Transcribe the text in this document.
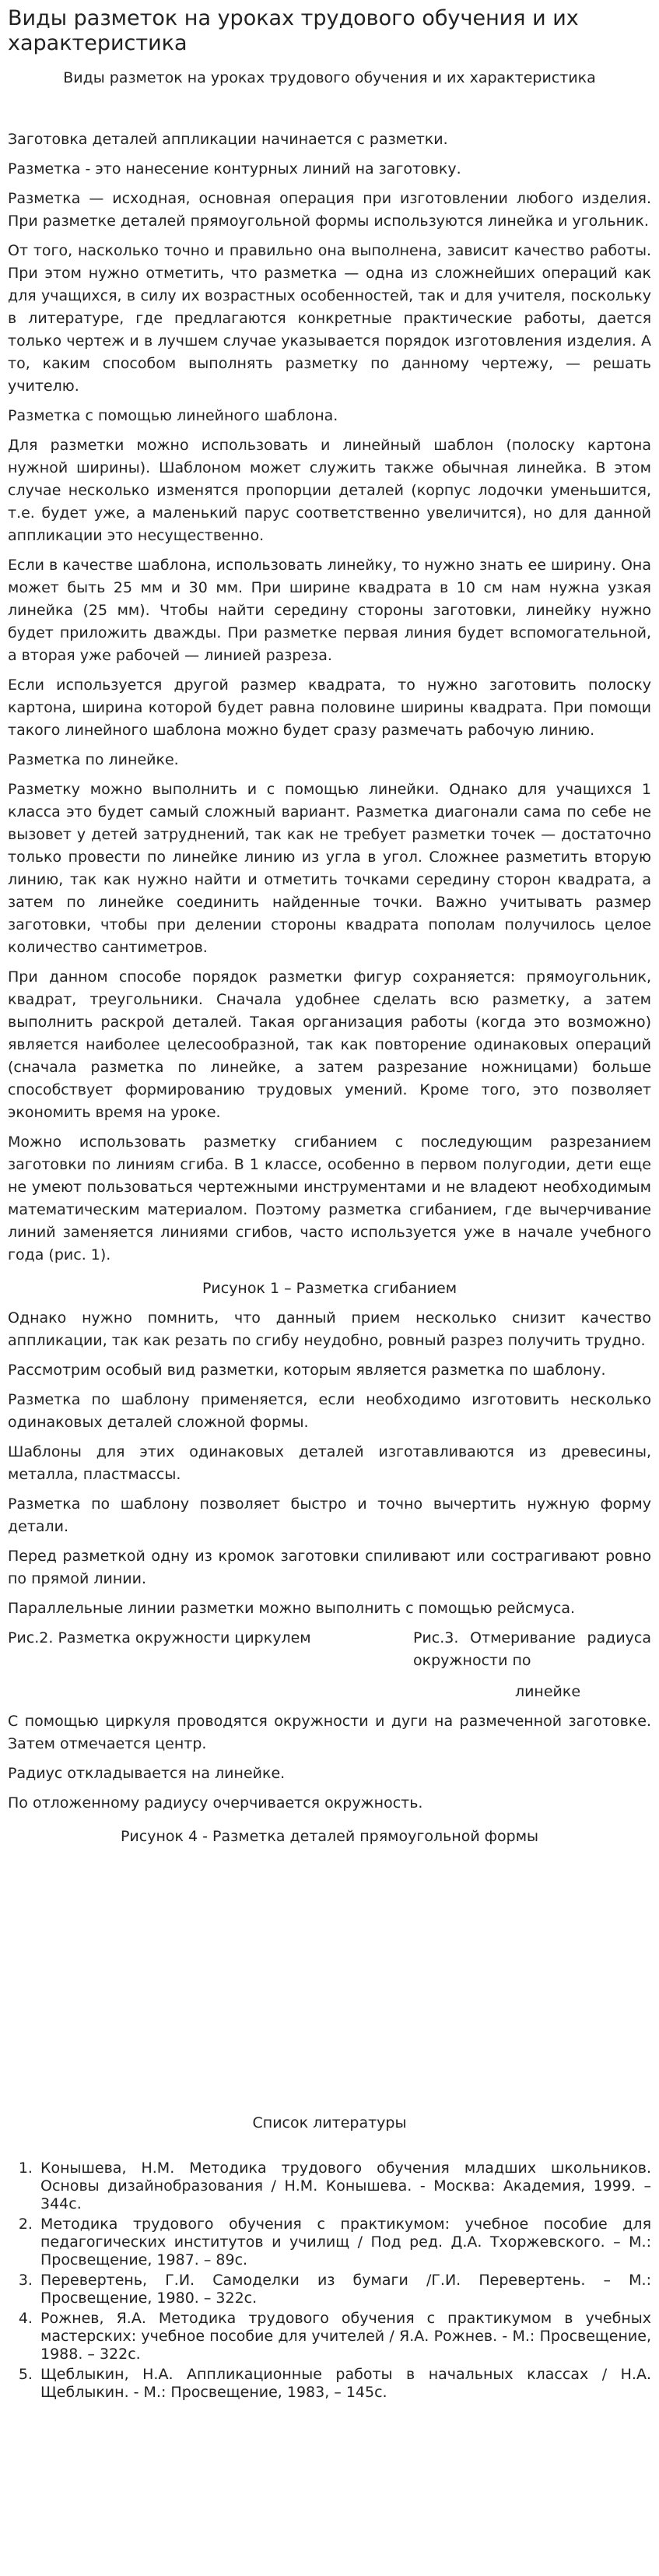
Виды разметок на уроках трудового обучения и их характеристика
Виды разметок на уроках трудового обучения и их характеристика

Заготовка деталей аппликации начинается с разметки.

Разметка - это нанесение контурных линий на заготовку.

Разметка — исходная, основная операция при изготовлении любого изделия. При разметке деталей прямоугольной формы используются линейка и угольник.

От того, насколько точно и правильно она выполнена, зависит качество работы. При этом нужно отметить, что разметка — одна из сложнейших операций как для учащихся, в силу их возрастных особенностей, так и для учителя, поскольку в литературе, где предлагаются конкретные практические работы, дается только чертеж и в лучшем случае указывается порядок изготовления изделия. А то, каким способом выполнять разметку по данному чертежу, — решать учителю.

Разметка с помощью линейного шаблона.

Для разметки можно использовать и линейный шаблон (полоску картона нужной ширины). Шаблоном может служить также обычная линейка. В этом случае несколько изменятся пропорции деталей (корпус лодочки уменьшится, т.е. будет уже, а маленький парус соответственно увеличится), но для данной аппликации это несущественно.

Если в качестве шаблона, использовать линейку, то нужно знать ее ширину. Она может быть 25 мм и 30 мм. При ширине квадрата в 10 см нам нужна узкая линейка (25 мм). Чтобы найти середину стороны заготовки, линейку нужно будет приложить дважды. При разметке первая линия будет вспомогательной, а вторая уже рабочей — линией разреза.

Если используется другой размер квадрата, то нужно заготовить полоску картона, ширина которой будет равна половине ширины квадрата. При помощи такого линейного шаблона можно будет сразу размечать рабочую линию.

Разметка по линейке.

Разметку можно выполнить и с помощью линейки. Однако для учащихся 1 класса это будет самый сложный вариант. Разметка диагонали сама по себе не вызовет у детей затруднений, так как не требует разметки точек — достаточно только провести по линейке линию из угла в угол. Сложнее разметить вторую линию, так как нужно найти и отметить точками середину сторон квадрата, а затем по линейке соединить найденные точки. Важно учитывать размер заготовки, чтобы при делении стороны квадрата пополам получилось целое количество сантиметров.

При данном способе порядок разметки фигур сохраняется: прямоугольник, квадрат, треугольники. Сначала удобнее сделать всю разметку, а затем выполнить раскрой деталей. Такая организация работы (когда это возможно) является наиболее целесообразной, так как повторение одинаковых операций (сначала разметка по линейке, а затем разрезание ножницами) больше способствует формированию трудовых умений. Кроме того, это позволяет экономить время на уроке.

Можно использовать разметку сгибанием с последующим разрезанием заготовки по линиям сгиба. В 1 классе, особенно в первом полугодии, дети еще не умеют пользоваться чертежными инструментами и не владеют необходимым математическим материалом. Поэтому разметка сгибанием, где вычерчивание линий заменяется линиями сгибов, часто используется уже в начале учебного года (рис. 1).

Рисунок 1 – Разметка сгибанием

Однако нужно помнить, что данный прием несколько снизит качество аппликации, так как резать по сгибу неудобно, ровный разрез получить трудно.

Рассмотрим особый вид разметки, которым является разметка по шаблону.

Разметка по шаблону применяется, если необходимо изготовить несколько одинаковых деталей сложной формы.

Шаблоны для этих одинаковых деталей изготавливаются из древесины, металла, пластмассы.

Разметка по шаблону позволяет быстро и точно вычертить нужную форму детали.

Перед разметкой одну из кромок заготовки спиливают или сострагивают ровно по прямой линии.

Параллельные линии разметки можно выполнить с помощью рейсмуса.

Рис.2. Разметка окружности циркулем	Рис.3. Отмеривание радиуса окружности по
линейке

С помощью циркуля проводятся окружности и дуги на размеченной заготовке. Затем отмечается центр.

Радиус откладывается на линейке.

По отложенному радиусу очерчивается окружность.

Рисунок 4 - Разметка деталей прямоугольной формы

Список литературы
1. Конышева, Н.М. Методика трудового обучения младших школьников. Основы дизайнобразования / Н.М. Конышева. - Москва: Академия, 1999. – 344с.
2. Методика трудового обучения с практикумом: учебное пособие для педагогических институтов и училищ / Под ред. Д.А. Тхоржевского. – М.: Просвещение, 1987. – 89с.
3. Перевертень, Г.И. Самоделки из бумаги /Г.И. Перевертень. – М.: Просвещение, 1980. – 322с.
4. Рожнев, Я.А. Методика трудового обучения с практикумом в учебных мастерских: учебное пособие для учителей / Я.А. Рожнев. - М.: Просвещение, 1988. – 322с.
5. Щеблыкин, Н.А. Аппликационные работы в начальных классах / Н.А. Щеблыкин. - М.: Просвещение, 1983, – 145с.
